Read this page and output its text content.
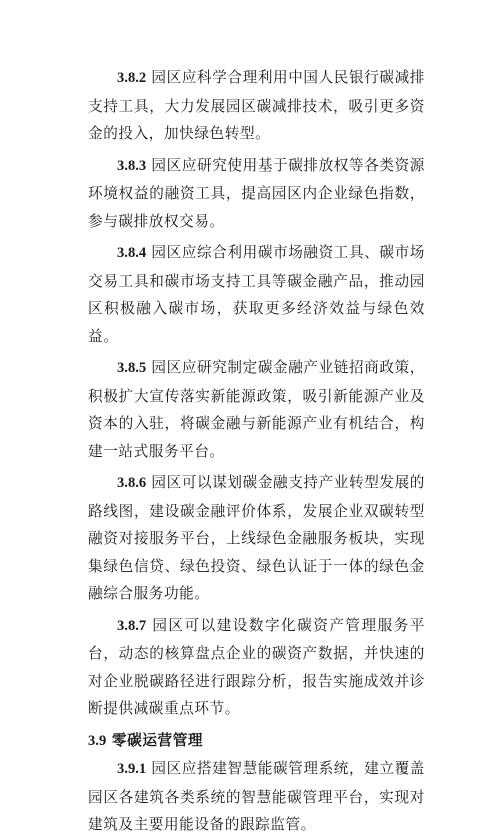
3.8.2 园区应科学合理利用中国人民银行碳减排支持工具，大力发展园区碳减排技术，吸引更多资金的投入，加快绿色转型。

3.8.3 园区应研究使用基于碳排放权等各类资源环境权益的融资工具，提高园区内企业绿色指数，参与碳排放权交易。

3.8.4 园区应综合利用碳市场融资工具、碳市场交易工具和碳市场支持工具等碳金融产品，推动园区积极融入碳市场，获取更多经济效益与绿色效益。

3.8.5 园区应研究制定碳金融产业链招商政策，积极扩大宣传落实新能源政策，吸引新能源产业及资本的入驻，将碳金融与新能源产业有机结合，构建一站式服务平台。

3.8.6 园区可以谋划碳金融支持产业转型发展的路线图，建设碳金融评价体系，发展企业双碳转型融资对接服务平台，上线绿色金融服务板块，实现集绿色信贷、绿色投资、绿色认证于一体的绿色金融综合服务功能。

3.8.7 园区可以建设数字化碳资产管理服务平台，动态的核算盘点企业的碳资产数据，并快速的对企业脱碳路径进行跟踪分析，报告实施成效并诊断提供减碳重点环节。

3.9 零碳运营管理

3.9.1 园区应搭建智慧能碳管理系统，建立覆盖园区各建筑各类系统的智慧能碳管理平台，实现对建筑及主要用能设备的跟踪监管。
